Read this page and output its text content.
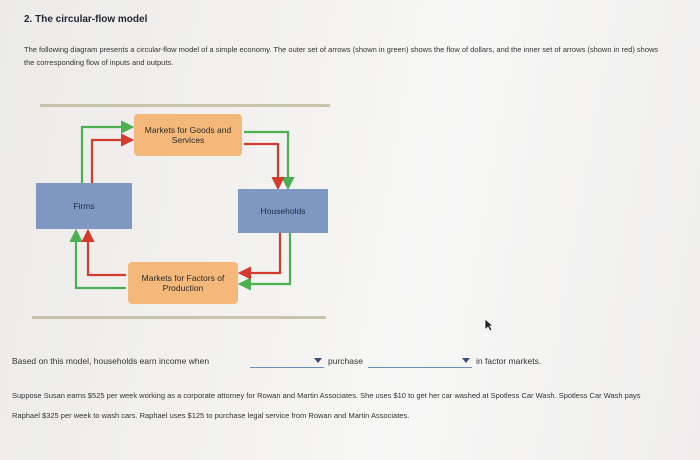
2. The circular-flow model
The following diagram presents a circular-flow model of a simple economy. The outer set of arrows (shown in green) shows the flow of dollars, and the inner set of arrows (shown in red) shows the corresponding flow of inputs and outputs.
Markets for Goods and Services
Markets for Factors of Production
Firms	Households
Based on this model, households earn income when	purchase	in factor markets.
Suppose Susan earns $525 per week working as a corporate attorney for Rowan and Martin Associates. She uses $10 to get her car washed at Spotless Car Wash. Spotless Car Wash pays Raphael $325 per week to wash cars. Raphael uses $125 to purchase legal service from Rowan and Martin Associates.
